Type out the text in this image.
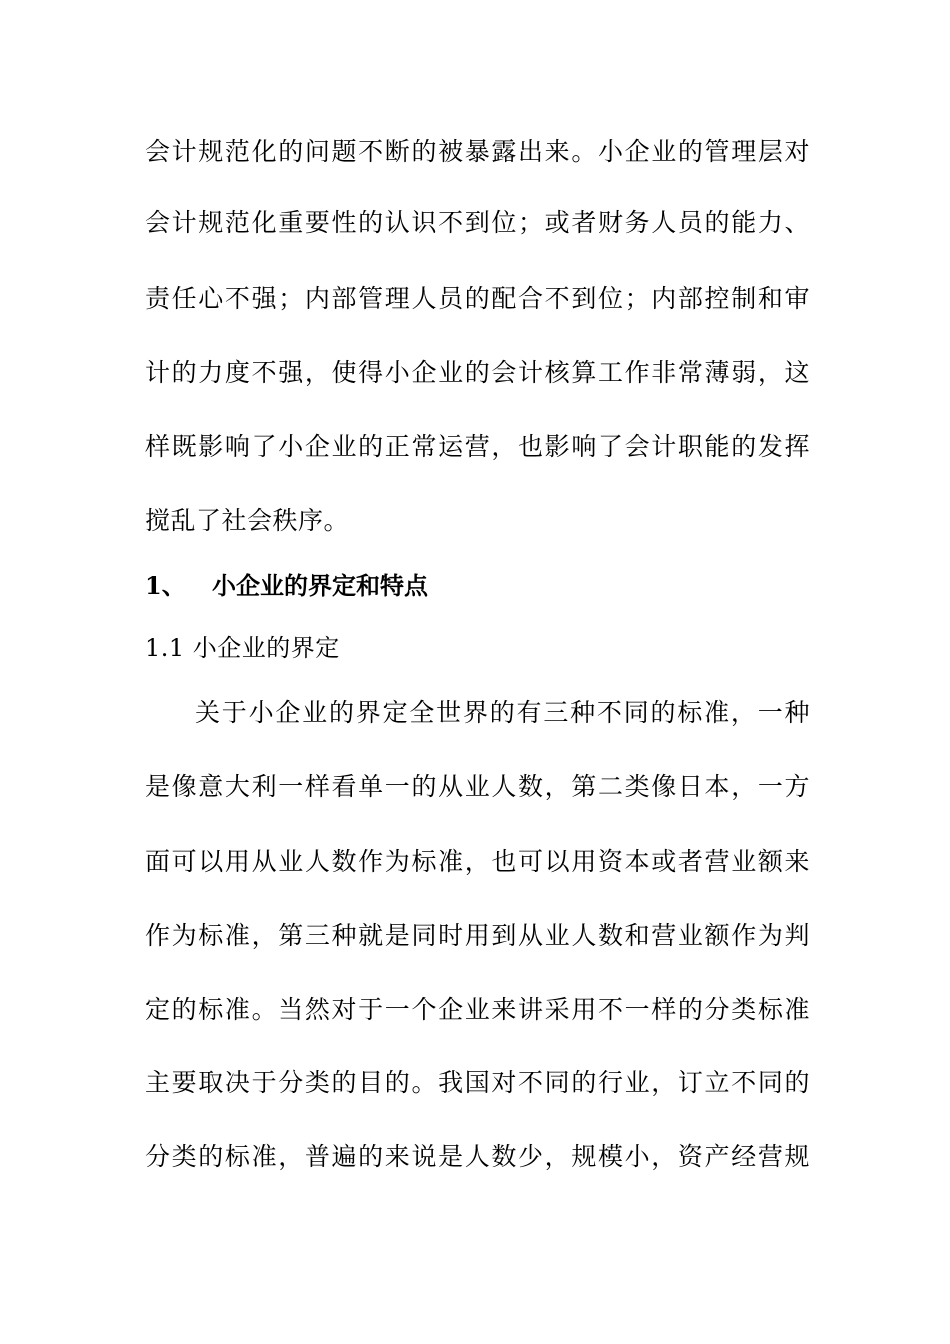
会计规范化的问题不断的被暴露出来。小企业的管理层对
会计规范化重要性的认识不到位；或者财务人员的能力、
责任心不强；内部管理人员的配合不到位；内部控制和审
计的力度不强，使得小企业的会计核算工作非常薄弱，这
样既影响了小企业的正常运营，也影响了会计职能的发挥
搅乱了社会秩序。
1、 小企业的界定和特点
1.1 小企业的界定
关于小企业的界定全世界的有三种不同的标准，一种
是像意大利一样看单一的从业人数，第二类像日本，一方
面可以用从业人数作为标准，也可以用资本或者营业额来
作为标准，第三种就是同时用到从业人数和营业额作为判
定的标准。当然对于一个企业来讲采用不一样的分类标准
主要取决于分类的目的。我国对不同的行业，订立不同的
分类的标准，普遍的来说是人数少，规模小，资产经营规
